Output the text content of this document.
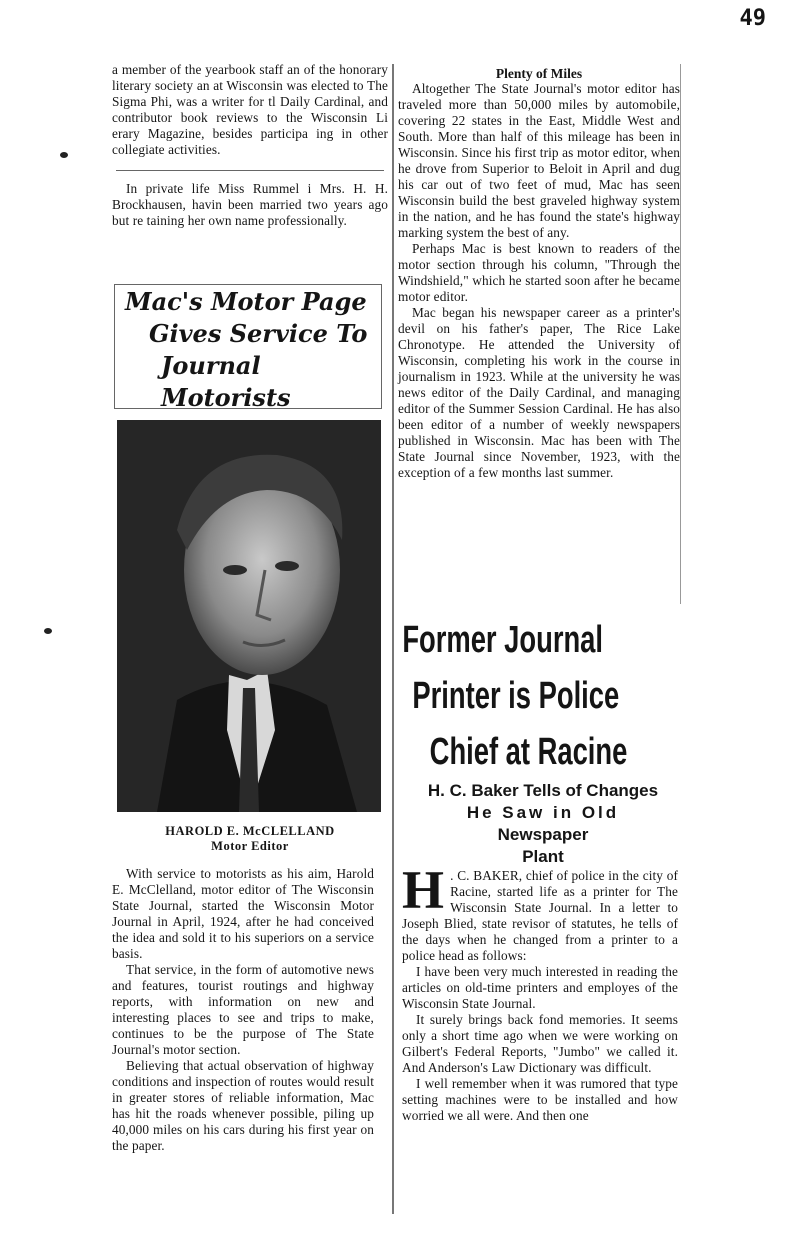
49

a member of the yearbook staff an of the honorary literary society an at Wisconsin was elected to The Sigma Phi, was a writer for tl Daily Cardinal, and contributor book reviews to the Wisconsin Li erary Magazine, besides participa ing in other collegiate activities.

In private life Miss Rummel i Mrs. H. H. Brockhausen, havin been married two years ago but re taining her own name professionally.

Mac's Motor Page

Gives Service To

Journal Motorists

HAROLD E. McCLELLAND
Motor Editor

With service to motorists as his aim, Harold E. McClelland, motor editor of The Wisconsin State Journal, started the Wisconsin Motor Journal in April, 1924, after he had conceived the idea and sold it to his superiors on a service basis.

That service, in the form of automotive news and features, tourist routings and highway reports, with information on new and interesting places to see and trips to make, continues to be the purpose of The State Journal's motor section.

Believing that actual observation of highway conditions and inspection of routes would result in greater stores of reliable information, Mac has hit the roads whenever possible, piling up 40,000 miles on his cars during his first year on the paper.

Plenty of Miles

Altogether The State Journal's motor editor has traveled more than 50,000 miles by automobile, covering 22 states in the East, Middle West and South. More than half of this mileage has been in Wisconsin. Since his first trip as motor editor, when he drove from Superior to Beloit in April and dug his car out of two feet of mud, Mac has seen Wisconsin build the best graveled highway system in the nation, and he has found the state's highway marking system the best of any.

Perhaps Mac is best known to readers of the motor section through his column, "Through the Windshield," which he started soon after he became motor editor.

Mac began his newspaper career as a printer's devil on his father's paper, The Rice Lake Chronotype. He attended the University of Wisconsin, completing his work in the course in journalism in 1923. While at the university he was news editor of the Daily Cardinal, and managing editor of the Summer Session Cardinal. He has also been editor of a number of weekly newspapers published in Wisconsin. Mac has been with The State Journal since November, 1923, with the exception of a few months last summer.

Former Journal
Printer is Police
Chief at Racine
H. C. Baker Tells of Changes
He Saw in Old
Newspaper
Plant

H . C. BAKER, chief of police in the city of Racine, started life as a printer for The Wisconsin State Journal. In a letter to Joseph Blied, state revisor of statutes, he tells of the days when he changed from a printer to a police head as follows:

I have been very much interested in reading the articles on old-time printers and employes of the Wisconsin State Journal.

It surely brings back fond memories. It seems only a short time ago when we were working on Gilbert's Federal Reports, "Jumbo" we called it. And Anderson's Law Dictionary was difficult.

I well remember when it was rumored that type setting machines were to be installed and how worried we all were. And then one
